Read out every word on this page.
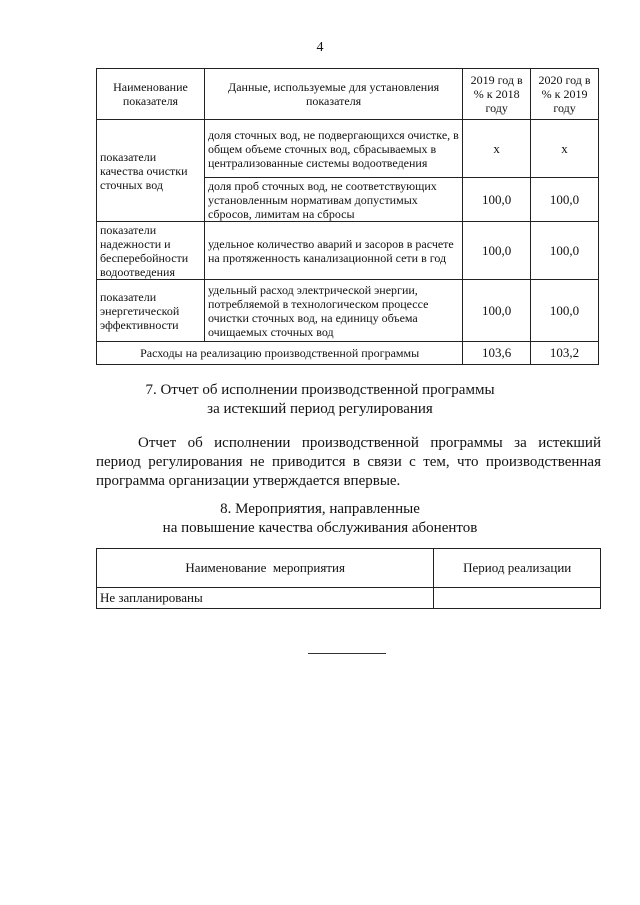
4
Наименование показателя	Данные, используемые для установления показателя	2019 год в % к 2018 году	2020 год в % к 2019 году
показатели качества очистки сточных вод	доля сточных вод, не подвергающихся очистке, в общем объеме сточных вод, сбрасываемых в централизованные системы водоотведения	х	х
	доля проб сточных вод, не соответствующих установленным нормативам допустимых сбросов, лимитам на сбросы	100,0	100,0
показатели надежности и бесперебойности водоотведения	удельное количество аварий и засоров в расчете на протяженность канализационной сети в год	100,0	100,0
показатели энергетической эффективности	удельный расход электрической энергии, потребляемой в технологическом процессе очистки сточных вод, на единицу объема очищаемых сточных вод	100,0	100,0
Расходы на реализацию производственной программы		103,6	103,2
7. Отчет об исполнении производственной программы
за истекший период регулирования
Отчет об исполнении производственной программы за истекший
период регулирования не приводится в связи с тем, что производственная
программа организации утверждается впервые.
8. Мероприятия, направленные
на повышение качества обслуживания абонентов
Наименование  мероприятия	Период реализации
Не запланированы	
